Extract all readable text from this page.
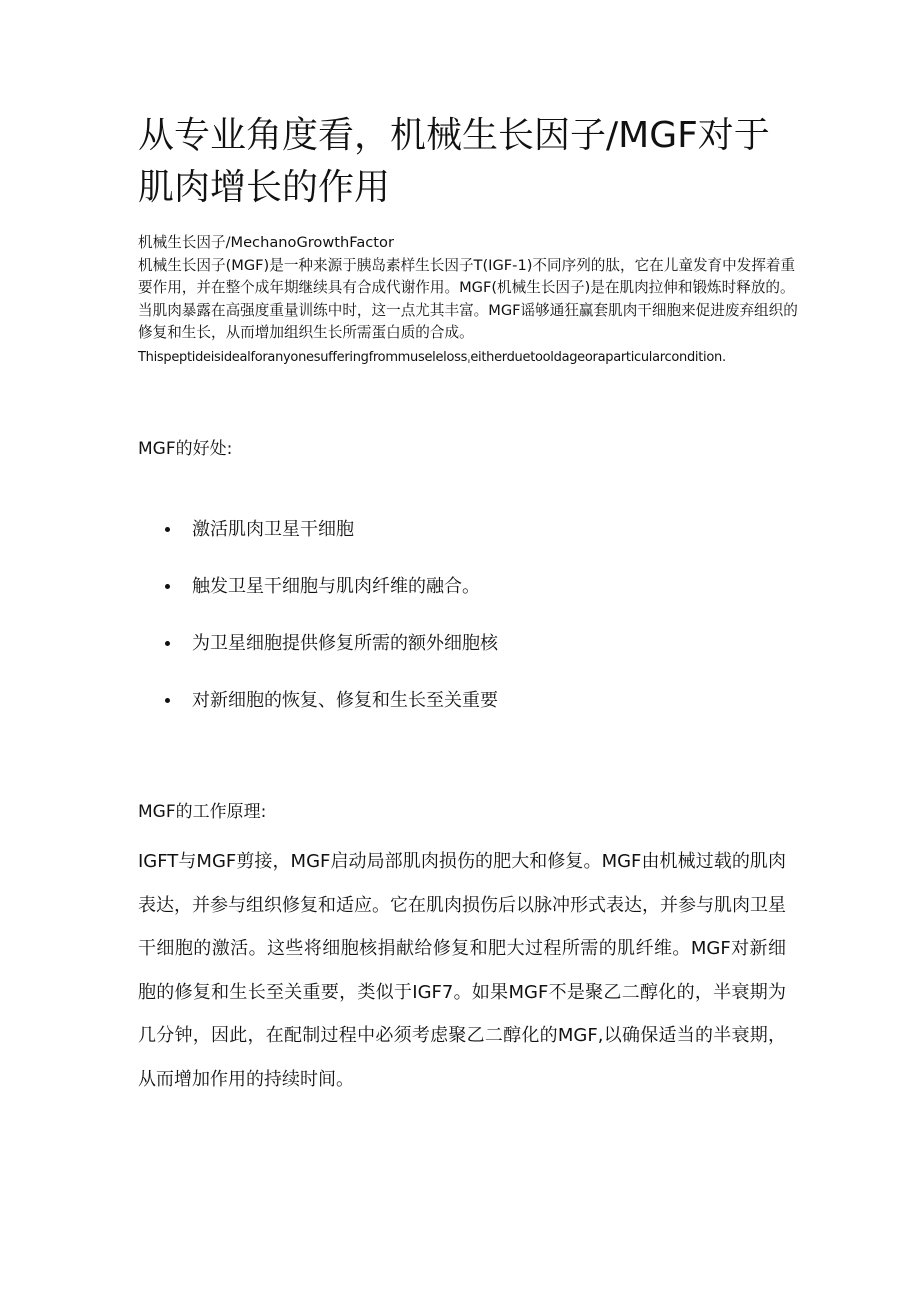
从专业角度看，机械生长因子/MGF对于肌肉增长的作用

机械生长因子/MechanoGrowthFactor

机械生长因子(MGF)是一种来源于胰岛素样生长因子T(IGF-1)不同序列的肽，它在儿童发育中发挥着重要作用，并在整个成年期继续具有合成代谢作用。MGF(机械生长因子)是在肌肉拉伸和锻炼时释放的。当肌肉暴露在高强度重量训练中时，这一点尤其丰富。MGF谣够通狂赢套肌肉干细胞来促进废弃组织的修复和生长，从而增加组织生长所需蛋白质的合成。

Thispeptideisidealforanyonesufferingfrommuselelossˌeitherduetooldageoraparticularcondition.

MGF的好处:
激活肌肉卫星干细胞
触发卫星干细胞与肌肉纤维的融合。
为卫星细胞提供修复所需的额外细胞核
对新细胞的恢复、修复和生长至关重要
MGF的工作原理:

IGFT与MGF剪接，MGF启动局部肌肉损伤的肥大和修复。MGF由机械过载的肌肉表达，并参与组织修复和适应。它在肌肉损伤后以脉冲形式表达，并参与肌肉卫星干细胞的激活。这些将细胞核捐献给修复和肥大过程所需的肌纤维。MGF对新细胞的修复和生长至关重要，类似于IGF7。如果MGF不是聚乙二醇化的，半衰期为几分钟，因此，在配制过程中必须考虑聚乙二醇化的MGF,以确保适当的半衰期，从而增加作用的持续时间。
